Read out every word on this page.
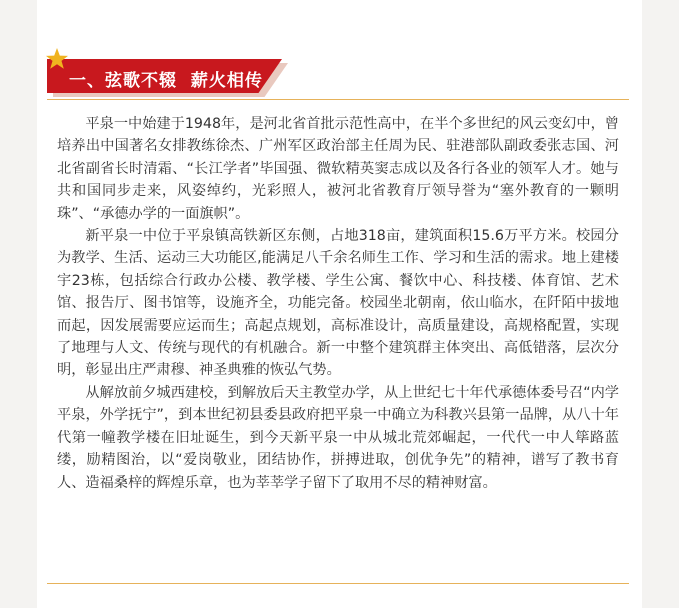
一、弦歌不辍  薪火相传

平泉一中始建于1948年，是河北省首批示范性高中，在半个多世纪的风云变幻中，曾培养出中国著名女排教练徐杰、广州军区政治部主任周为民、驻港部队副政委张志国、河北省副省长时清霜、“长江学者”毕国强、微软精英窦志成以及各行各业的领军人才。她与共和国同步走来，风姿绰约，光彩照人，被河北省教育厅领导誉为“塞外教育的一颗明珠”、“承德办学的一面旗帜”。

新平泉一中位于平泉镇高铁新区东侧，占地318亩，建筑面积15.6万平方米。校园分为教学、生活、运动三大功能区,能满足八千余名师生工作、学习和生活的需求。地上建楼宇23栋，包括综合行政办公楼、教学楼、学生公寓、餐饮中心、科技楼、体育馆、艺术馆、报告厅、图书馆等，设施齐全，功能完备。校园坐北朝南，依山临水，在阡陌中拔地而起，因发展需要应运而生；高起点规划，高标准设计，高质量建设，高规格配置，实现了地理与人文、传统与现代的有机融合。新一中整个建筑群主体突出、高低错落，层次分明，彰显出庄严肃穆、神圣典雅的恢弘气势。

从解放前夕城西建校，到解放后天主教堂办学，从上世纪七十年代承德体委号召“内学平泉，外学抚宁”，到本世纪初县委县政府把平泉一中确立为科教兴县第一品牌，从八十年代第一幢教学楼在旧址诞生，到今天新平泉一中从城北荒郊崛起，一代代一中人筚路蓝缕，励精图治，以“爱岗敬业，团结协作，拼搏进取，创优争先”的精神，谱写了教书育人、造福桑梓的辉煌乐章，也为莘莘学子留下了取用不尽的精神财富。
